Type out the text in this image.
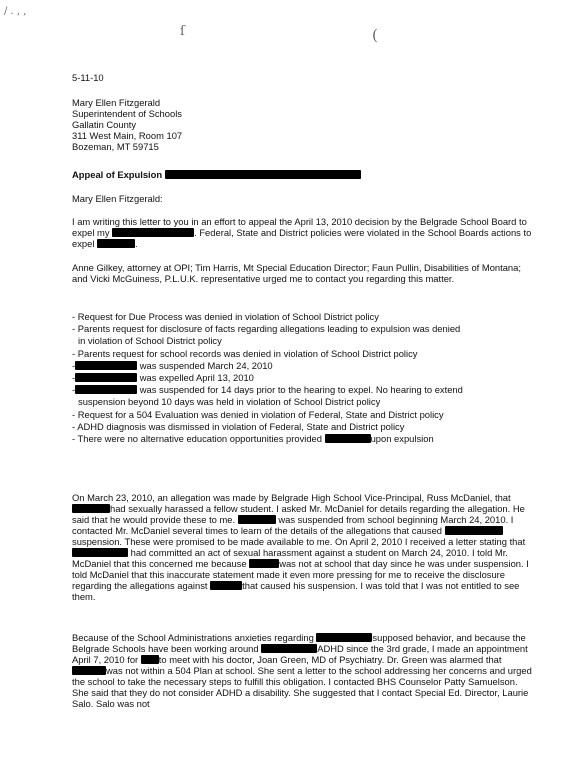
/ . , ,
ſ	(
5-11-10
Mary Ellen Fitzgerald
Superintendent of Schools
Gallatin County
311 West Main, Room 107
Bozeman, MT 59715
Appeal of Expulsion
Mary Ellen Fitzgerald:

I am writing this letter to you in an effort to appeal the April 13, 2010 decision by the Belgrade School Board to expel my	. Federal, State and District policies were violated in the School Boards actions to expel	.

Anne Gilkey, attorney at OPI; Tim Harris, Mt Special Education Director; Faun Pullin, Disabilities of Montana; and Vicki McGuiness, P.L.U.K. representative urged me to contact you regarding this matter.
- Request for Due Process was denied in violation of School District policy
- Parents request for disclosure of facts regarding allegations leading to expulsion was denied
in violation of School District policy
- Parents request for school records was denied in violation of School District policy
-	was suspended March 24, 2010
-	was expelled April 13, 2010
-	was suspended for 14 days prior to the hearing to expel. No hearing to extend
suspension beyond 10 days was held in violation of School District policy
- Request for a 504 Evaluation was denied in violation of Federal, State and District policy
- ADHD diagnosis was dismissed in violation of Federal, State and District policy
- There were no alternative education opportunities provided	upon expulsion

On March 23, 2010, an allegation was made by Belgrade High School Vice-Principal, Russ McDaniel, that had sexually harassed a fellow student. I asked Mr. McDaniel for details regarding the allegation. He said that he would provide these to me.	was suspended from school beginning March 24, 2010. I contacted Mr. McDaniel several times to learn of the details of the allegations that caused  suspension. These were promised to be made available to me. On April 2, 2010 I received a letter stating that  had committed an act of sexual harassment against a student on March 24, 2010. I told Mr. McDaniel that this concerned me because	was not at school that day since he was under suspension. I told McDaniel that this inaccurate statement made it even more pressing for me to receive the disclosure regarding the allegations against	that caused his suspension. I was told that I was not entitled to see them.

Because of the School Administrations anxieties regarding	supposed behavior, and because the Belgrade Schools have been working around	ADHD since the 3rd grade, I made an appointment April 7, 2010 for to meet with his doctor, Joan Green, MD of Psychiatry. Dr. Green was alarmed that was not within a 504 Plan at school. She sent a letter to the school addressing her concerns and urged the school to take the necessary steps to fulfill this obligation. I contacted BHS Counselor Patty Samuelson. She said that they do not consider ADHD a disability. She suggested that I contact Special Ed. Director, Laurie Salo. Salo was not
